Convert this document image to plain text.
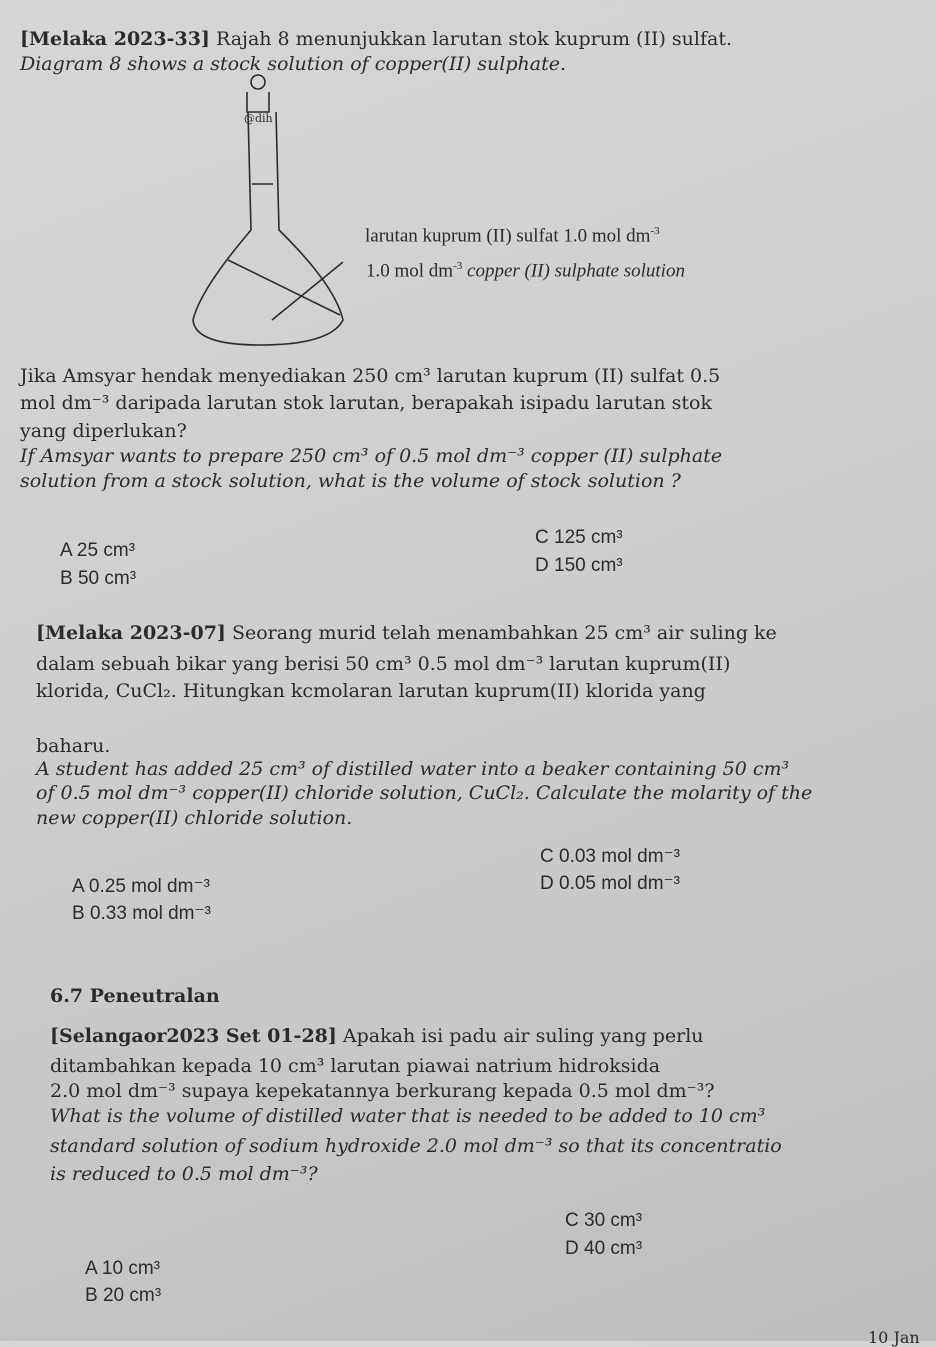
@dih
[Melaka 2023-33] Rajah 8 menunjukkan larutan stok kuprum (II) sulfat.
Diagram 8 shows a stock solution of copper(II) sulphate.
larutan kuprum (II) sulfat 1.0 mol $dm^{-3}$
1.0 mol $dm^{-3}$ copper (II) sulphate solution
Jika Amsyar hendak menyediakan 250 cm³ larutan kuprum (II) sulfat 0.5
mol dm⁻³ daripada larutan stok larutan, berapakah isipadu larutan stok
yang diperlukan?
If Amsyar wants to prepare 250 cm³ of 0.5 mol dm⁻³ copper (II) sulphate
solution from a stock solution, what is the volume of stock solution ?
A 25 cm³
B 50 cm³
C 125 cm³
D 150 cm³
[Melaka 2023-07] Seorang murid telah menambahkan 25 cm³ air suling ke
dalam sebuah bikar yang berisi 50 cm³ 0.5 mol dm⁻³ larutan kuprum(II)
klorida, CuCl₂. Hitungkan kcmolaran larutan kuprum(II) klorida yang
baharu.
A student has added 25 cm³ of distilled water into a beaker containing 50 cm³
of 0.5 mol dm⁻³ copper(II) chloride solution, CuCl₂. Calculate the molarity of the
new copper(II) chloride solution.
A 0.25 mol dm⁻³
B 0.33 mol dm⁻³
C 0.03 mol dm⁻³
D 0.05 mol dm⁻³
6.7 Peneutralan
[Selangaor2023 Set 01-28] Apakah isi padu air suling yang perlu
ditambahkan kepada 10 cm³ larutan piawai natrium hidroksida
2.0 mol dm⁻³ supaya kepekatannya berkurang kepada 0.5 mol dm⁻³?
What is the volume of distilled water that is needed to be added to 10 cm³
standard solution of sodium hydroxide 2.0 mol dm⁻³ so that its concentratio
is reduced to 0.5 mol dm⁻³?
A 10 cm³
B 20 cm³
C 30 cm³
D 40 cm³
10 Jan
